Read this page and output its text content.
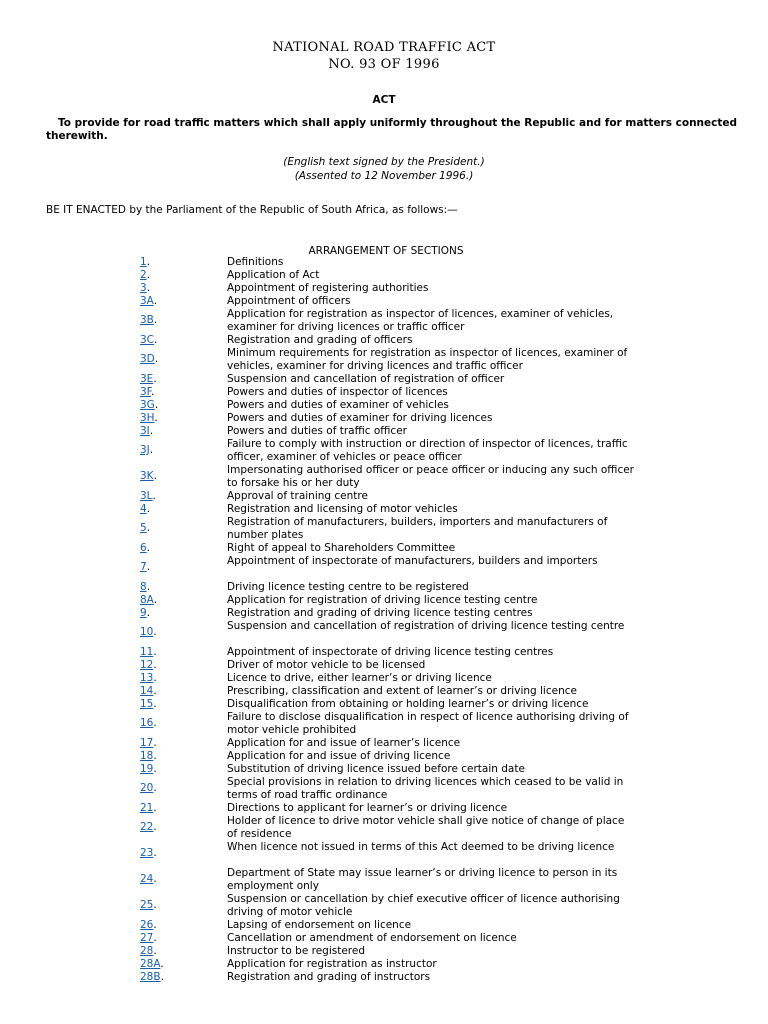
NATIONAL ROAD TRAFFIC ACT
NO. 93 OF 1996
ACT
To provide for road traffic matters which shall apply uniformly throughout the Republic and for matters connected therewith.
(English text signed by the President.)
(Assented to 12 November 1996.)
BE IT ENACTED by the Parliament of the Republic of South Africa, as follows:—
ARRANGEMENT OF SECTIONS
1.	Definitions
2.	Application of Act
3.	Appointment of registering authorities
3A.	Appointment of officers
3B.	Application for registration as inspector of licences, examiner of vehicles, examiner for driving licences or traffic officer
3C.	Registration and grading of officers
3D.	Minimum requirements for registration as inspector of licences, examiner of vehicles, examiner for driving licences and traffic officer
3E.	Suspension and cancellation of registration of officer
3F.	Powers and duties of inspector of licences
3G.	Powers and duties of examiner of vehicles
3H.	Powers and duties of examiner for driving licences
3I.	Powers and duties of traffic officer
3J.	Failure to comply with instruction or direction of inspector of licences, traffic officer, examiner of vehicles or peace officer
3K.	Impersonating authorised officer or peace officer or inducing any such officer to forsake his or her duty
3L.	Approval of training centre
4.	Registration and licensing of motor vehicles
5.	Registration of manufacturers, builders, importers and manufacturers of number plates
6.	Right of appeal to Shareholders Committee
7.	Appointment of inspectorate of manufacturers, builders and importers
8.	Driving licence testing centre to be registered
8A.	Application for registration of driving licence testing centre
9.	Registration and grading of driving licence testing centres
10.	Suspension and cancellation of registration of driving licence testing centre
11.	Appointment of inspectorate of driving licence testing centres
12.	Driver of motor vehicle to be licensed
13.	Licence to drive, either learner’s or driving licence
14.	Prescribing, classification and extent of learner’s or driving licence
15.	Disqualification from obtaining or holding learner’s or driving licence
16.	Failure to disclose disqualification in respect of licence authorising driving of motor vehicle prohibited
17.	Application for and issue of learner’s licence
18.	Application for and issue of driving licence
19.	Substitution of driving licence issued before certain date
20.	Special provisions in relation to driving licences which ceased to be valid in terms of road traffic ordinance
21.	Directions to applicant for learner’s or driving licence
22.	Holder of licence to drive motor vehicle shall give notice of change of place of residence
23.	When licence not issued in terms of this Act deemed to be driving licence
24.	Department of State may issue learner’s or driving licence to person in its employment only
25.	Suspension or cancellation by chief executive officer of licence authorising driving of motor vehicle
26.	Lapsing of endorsement on licence
27.	Cancellation or amendment of endorsement on licence
28.	Instructor to be registered
28A.	Application for registration as instructor
28B.	Registration and grading of instructors
